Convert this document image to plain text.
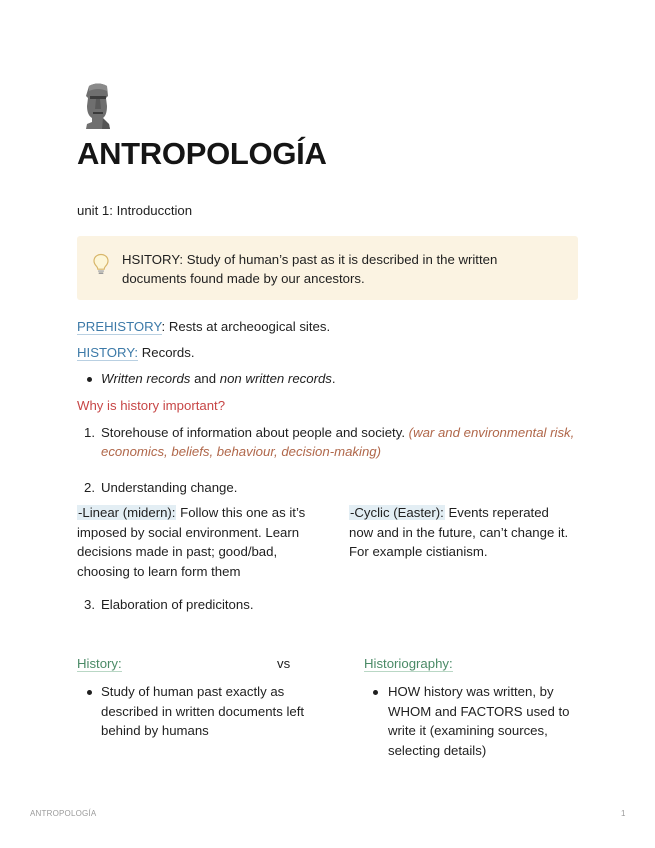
ANTROPOLOGÍA
unit 1: Introducction
HSITORY: Study of human’s past as it is described in the written documents found made by our ancestors.
PREHISTORY: Rests at archeoogical sites.
HISTORY: Records.
Written records and non written records.
Why is history important?
1. Storehouse of information about people and society. (war and environmental risk, economics, beliefs, behaviour, decision-making)
2. Understanding change.
-Linear (midern): Follow this one as it’s imposed by social environment. Learn decisions made in past; good/bad, choosing to learn form them
-Cyclic (Easter): Events reperated now and in the future, can’t change it. For example cistianism.
3. Elaboration of predicitons.
History:	vs	Historiography:
Study of human past exactly as described in written documents left behind by humans
HOW history was written, by WHOM and FACTORS used to write it (examining sources, selecting details)
ANTROPOLOGÍA	1
